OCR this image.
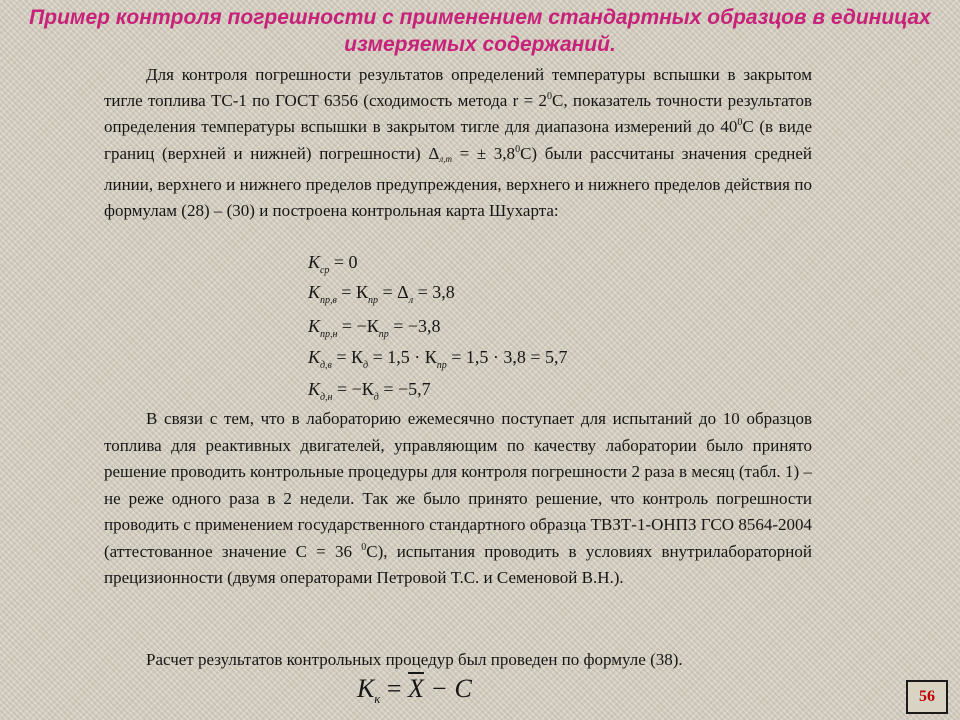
Пример контроля погрешности с применением стандартных образцов в единицах измеряемых содержаний.

Для контроля погрешности результатов определений температуры вспышки в закрытом тигле топлива ТС-1 по ГОСТ 6356 (сходимость метода $r = 2^0С$, показатель точности результатов определения температуры вспышки в закрытом тигле для диапазона измерений до $40^0С$ (в виде границ (верхней и нижней) погрешности) Δл,т = ± $3,8^0С$) были рассчитаны значения средней линии, верхнего и нижнего пределов предупреждения, верхнего и нижнего пределов действия по формулам (28) – (30) и построена контрольная карта Шухарта:

$К_{ср} = 0$
$К_{пр,в} = К_{пр} = \Delta_л = 3,8$
$К_{пр,н} = -К_{пр} = -3,8$
$К_{д,в} = К_д = 1,5 \cdot К_{пр} = 1,5 \cdot 3,8 = 5,7$
$К_{д,н} = -К_д = -5,7$

В связи с тем, что в лабораторию ежемесячно поступает для испытаний до 10 образцов топлива для реактивных двигателей, управляющим по качеству лаборатории было принято решение проводить контрольные процедуры для контроля погрешности 2 раза в месяц (табл. 1) – не реже одного раза в 2 недели. Так же было принято решение, что контроль погрешности проводить с применением государственного стандартного образца ТВЗТ-1-ОНПЗ ГСО 8564-2004 (аттестованное значение С = 36 $^0$С), испытания проводить в условиях внутрилабораторной прецизионности (двумя операторами Петровой Т.С. и Семеновой В.Н.).

Расчет результатов контрольных процедур был проведен по формуле (38).

$К_к = \overline{X} - C$	56
